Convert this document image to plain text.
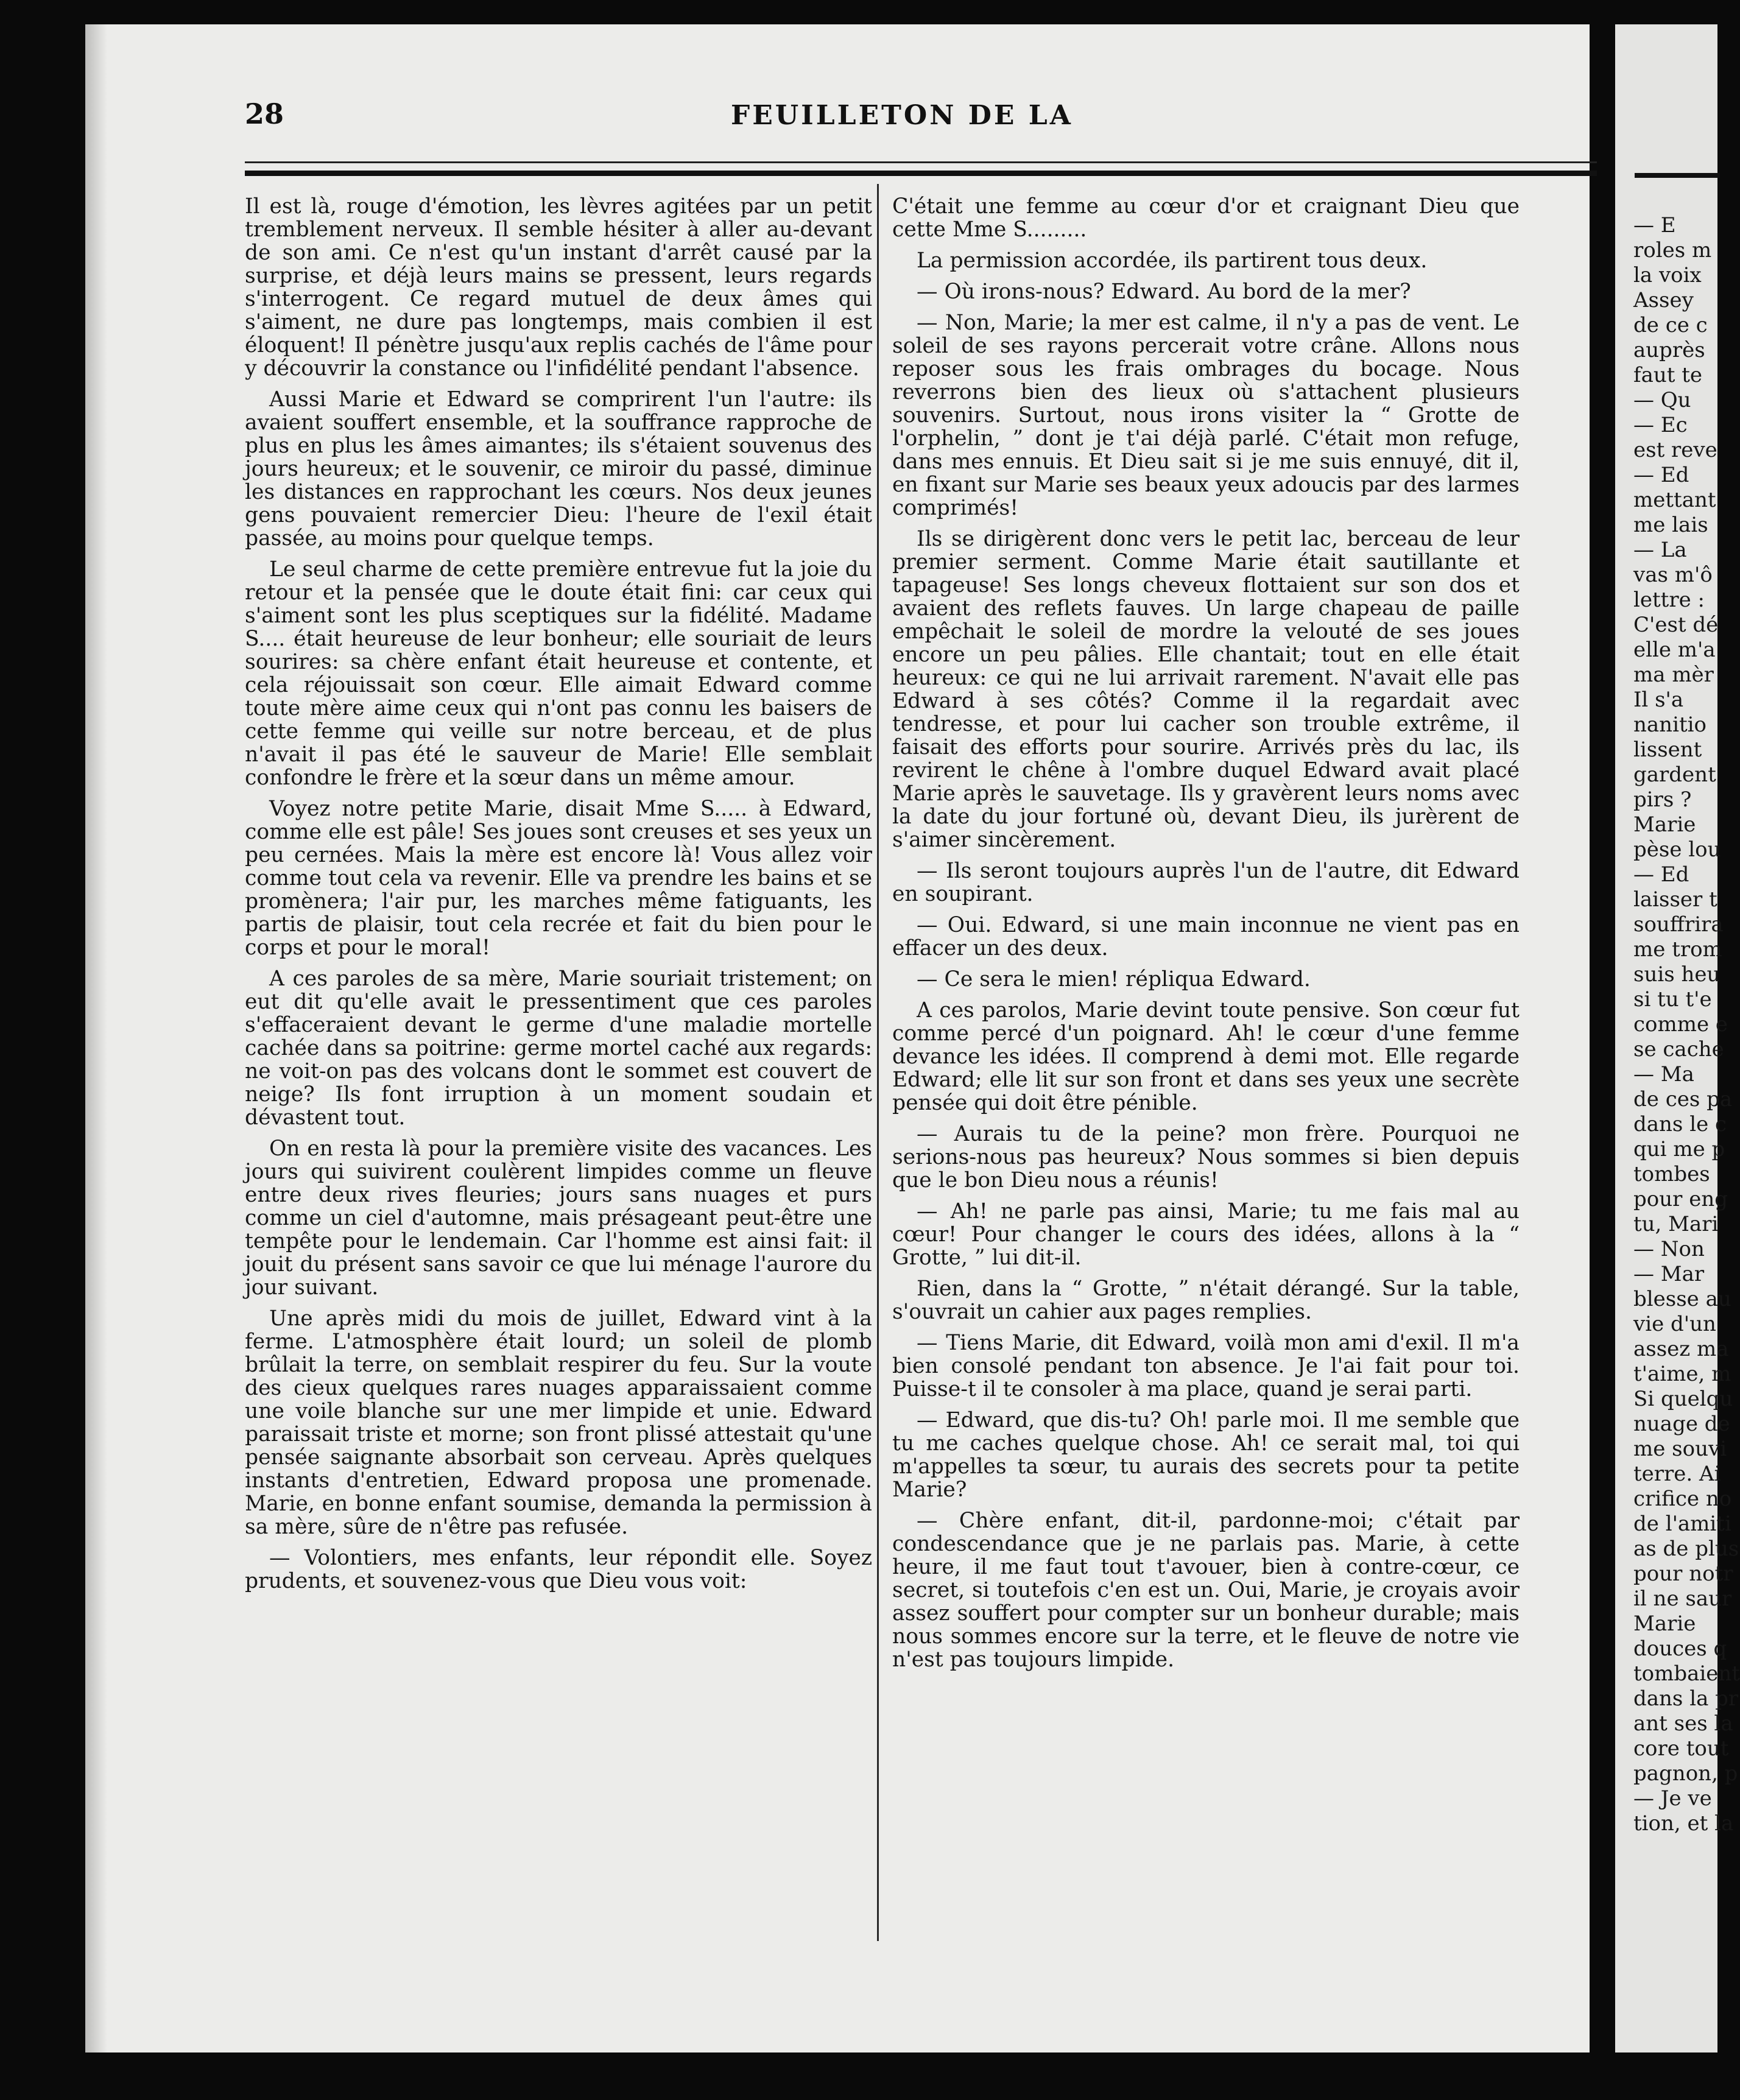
28	FEUILLETON DE LA

Il est là, rouge d'émotion, les lèvres agitées par un petit tremblement nerveux. Il semble hésiter à aller au-devant de son ami. Ce n'est qu'un instant d'arrêt causé par la surprise, et déjà leurs mains se pressent, leurs regards s'interrogent. Ce regard mutuel de deux âmes qui s'aiment, ne dure pas longtemps, mais combien il est éloquent! Il pénètre jusqu'aux replis cachés de l'âme pour y découvrir la constance ou l'infidélité pendant l'absence.

Aussi Marie et Edward se comprirent l'un l'autre: ils avaient souffert ensemble, et la souffrance rapproche de plus en plus les âmes aimantes; ils s'étaient souvenus des jours heureux; et le souvenir, ce miroir du passé, diminue les distances en rapprochant les cœurs. Nos deux jeunes gens pouvaient remercier Dieu: l'heure de l'exil était passée, au moins pour quelque temps.

Le seul charme de cette première entrevue fut la joie du retour et la pensée que le doute était fini: car ceux qui s'aiment sont les plus sceptiques sur la fidélité. Madame S.... était heureuse de leur bonheur; elle souriait de leurs sourires: sa chère enfant était heureuse et contente, et cela réjouissait son cœur. Elle aimait Edward comme toute mère aime ceux qui n'ont pas connu les baisers de cette femme qui veille sur notre berceau, et de plus n'avait il pas été le sauveur de Marie! Elle semblait confondre le frère et la sœur dans un même amour.

Voyez notre petite Marie, disait Mme S..... à Edward, comme elle est pâle! Ses joues sont creuses et ses yeux un peu cernées. Mais la mère est encore là! Vous allez voir comme tout cela va revenir. Elle va prendre les bains et se promènera; l'air pur, les marches même fatiguants, les partis de plaisir, tout cela recrée et fait du bien pour le corps et pour le moral!

A ces paroles de sa mère, Marie souriait tristement; on eut dit qu'elle avait le pressentiment que ces paroles s'effaceraient devant le germe d'une maladie mortelle cachée dans sa poitrine: germe mortel caché aux regards: ne voit-on pas des volcans dont le sommet est couvert de neige? Ils font irruption à un moment soudain et dévastent tout.

On en resta là pour la première visite des vacances. Les jours qui suivirent coulèrent limpides comme un fleuve entre deux rives fleuries; jours sans nuages et purs comme un ciel d'automne, mais présageant peut-être une tempête pour le lendemain. Car l'homme est ainsi fait: il jouit du présent sans savoir ce que lui ménage l'aurore du jour suivant.

Une après midi du mois de juillet, Edward vint à la ferme. L'atmosphère était lourd; un soleil de plomb brûlait la terre, on semblait respirer du feu. Sur la voute des cieux quelques rares nuages apparaissaient comme une voile blanche sur une mer limpide et unie. Edward paraissait triste et morne; son front plissé attestait qu'une pensée saignante absorbait son cerveau. Après quelques instants d'entretien, Edward proposa une promenade. Marie, en bonne enfant soumise, demanda la permission à sa mère, sûre de n'être pas refusée.

— Volontiers, mes enfants, leur répondit elle. Soyez prudents, et souvenez-vous que Dieu vous voit:

C'était une femme au cœur d'or et craignant Dieu que cette Mme S.........

La permission accordée, ils partirent tous deux.

— Où irons-nous? Edward. Au bord de la mer?

— Non, Marie; la mer est calme, il n'y a pas de vent. Le soleil de ses rayons percerait votre crâne. Allons nous reposer sous les frais ombrages du bocage. Nous reverrons bien des lieux où s'attachent plusieurs souvenirs. Surtout, nous irons visiter la “ Grotte de l'orphelin, ” dont je t'ai déjà parlé. C'était mon refuge, dans mes ennuis. Et Dieu sait si je me suis ennuyé, dit il, en fixant sur Marie ses beaux yeux adoucis par des larmes comprimés!

Ils se dirigèrent donc vers le petit lac, berceau de leur premier serment. Comme Marie était sautillante et tapageuse! Ses longs cheveux flottaient sur son dos et avaient des reflets fauves. Un large chapeau de paille empêchait le soleil de mordre la velouté de ses joues encore un peu pâlies. Elle chantait; tout en elle était heureux: ce qui ne lui arrivait rarement. N'avait elle pas Edward à ses côtés? Comme il la regardait avec tendresse, et pour lui cacher son trouble extrême, il faisait des efforts pour sourire. Arrivés près du lac, ils revirent le chêne à l'ombre duquel Edward avait placé Marie après le sauvetage. Ils y gravèrent leurs noms avec la date du jour fortuné où, devant Dieu, ils jurèrent de s'aimer sincèrement.

— Ils seront toujours auprès l'un de l'autre, dit Edward en soupirant.

— Oui. Edward, si une main inconnue ne vient pas en effacer un des deux.

— Ce sera le mien! répliqua Edward.

A ces parolos, Marie devint toute pensive. Son cœur fut comme percé d'un poignard. Ah! le cœur d'une femme devance les idées. Il comprend à demi mot. Elle regarde Edward; elle lit sur son front et dans ses yeux une secrète pensée qui doit être pénible.

— Aurais tu de la peine? mon frère. Pourquoi ne serions-nous pas heureux? Nous sommes si bien depuis que le bon Dieu nous a réunis!

— Ah! ne parle pas ainsi, Marie; tu me fais mal au cœur! Pour changer le cours des idées, allons à la “ Grotte, ” lui dit-il.

Rien, dans la “ Grotte, ” n'était dérangé. Sur la table, s'ouvrait un cahier aux pages remplies.

— Tiens Marie, dit Edward, voilà mon ami d'exil. Il m'a bien consolé pendant ton absence. Je l'ai fait pour toi. Puisse-t il te consoler à ma place, quand je serai parti.

— Edward, que dis-tu? Oh! parle moi. Il me semble que tu me caches quelque chose. Ah! ce serait mal, toi qui m'appelles ta sœur, tu aurais des secrets pour ta petite Marie?

— Chère enfant, dit-il, pardonne-moi; c'était par condescendance que je ne parlais pas. Marie, à cette heure, il me faut tout t'avouer, bien à contre-cœur, ce secret, si toutefois c'en est un. Oui, Marie, je croyais avoir assez souffert pour compter sur un bonheur durable; mais nous sommes encore sur la terre, et le fleuve de notre vie n'est pas toujours limpide.

— E
roles m
la voix
Assey
de ce c
auprès
faut te
— Qu
— Ec
est reve
— Ed
mettant
me lais
— La
vas m'ô
lettre :
C'est dé
elle m'a
ma mèr
Il s'a
nanitio
lissent
gardent
pirs ?
Marie
pèse lou
— Ed
laisser t
souffrira
me trom
suis heu
si tu t'e
comme e
se cache
— Ma
de ces pa
dans le c
qui me p
tombes
pour eng
tu, Mari
— Non
— Mar
blesse au
vie d'un
assez ma
t'aime, m
Si quelqu
nuage de
me souvi
terre. Ai
crifice no
de l'amiti
as de plus
pour notr
il ne saur
Marie
douces q
tombaient
dans la pr
ant ses la
core tout
pagnon, p
— Je ve
tion, et la
